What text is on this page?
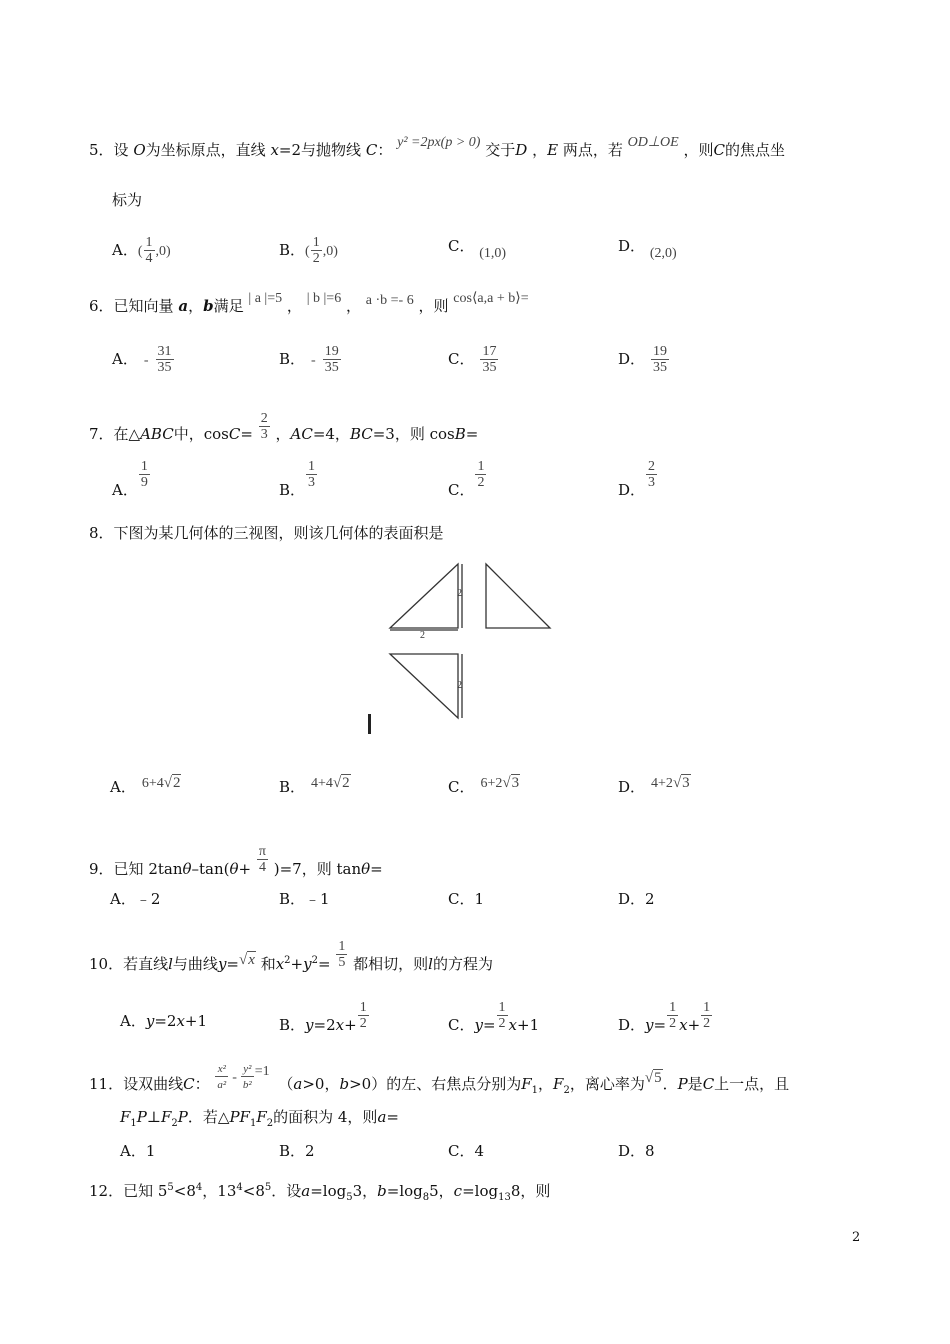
5．设 O为坐标原点，直线 x=2与抛物线 C： y² =2px(p > 0) 交于D ，E 两点，若 OD⊥OE ，则C的焦点坐
标为
A．( $\frac{1}{4} ,0$)	B．( $\frac{1}{2} ,0$)	C． (1,0)	D． (2,0)
6．已知向量 a，b满足 | a |=5 ， | b |=6 ， a ·b =- 6 ，则 cos⟨a,a + b⟩=
A． - $\frac{31}{35}$	B． - $\frac{19}{35}$	C． $\frac{17}{35}$	D． $\frac{19}{35}$
7．在△ABC中，$\cos C= \frac{2}{3}$ ，AC=4，BC=3，则 cosB=
A． $\frac{1}{9}$	B． $\frac{1}{3}$	C． $\frac{1}{2}$	D． $\frac{2}{3}$
8．下图为某几何体的三视图，则该几何体的表面积是
2
2
2
A． 6+4√2	B． 4+4√2	C． 6+2√3	D． 4+2√3
9．已知 $2\tan\theta-\tan(\theta+ \frac{\pi}{4} )=7$，则 tanθ=
A．﹣2	B．﹣1	C．1	D．2
10．若直线l与曲线y=√x 和$x^2+y^2= \frac{1}{5}$ 都相切，则l的方程为
A．y=2x+1	B．$y=2x+ \frac{1}{2}$	C．$y= \frac{1}{2} x+1$	D．$y= \frac{1}{2} x+ \frac{1}{2}$
11．设双曲线C： $\frac{\text{x²}}{\text{a²}} - \frac{\text{y²}}{\text{b²}} =1$ （a>0，b>0）的左、右焦点分别为$F_1$，$F_2$，离心率为√5．P是C上一点，且
$F_1P\perp F_2P$．若$\triangle PF_1F_2$的面积为 4，则a=
A．1	B．2	C．4	D．8
12．已知 $5^5<8^4$，$13^4<8^5$．设$a=\log_53$，$b=\log_85$，$c=\log_{13}8$，则
2
